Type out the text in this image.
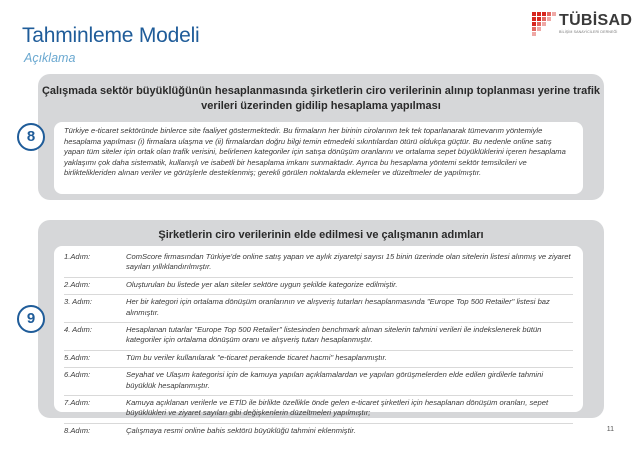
Tahminleme Modeli
Açıklama
TÜBİSAD
BİLİŞİM SANAYİCİLERİ DERNEĞİ
Çalışmada sektör büyüklüğünün hesaplanmasında şirketlerin ciro verilerinin alınıp toplanması yerine trafik verileri üzerinden gidilip hesaplama yapılması
Türkiye e-ticaret sektöründe binlerce site faaliyet göstermektedir. Bu firmaların her birinin cirolarının tek tek toparlanarak tümevarım yöntemiyle hesaplama yapılması (i) firmalara ulaşma ve (ii) firmalardan doğru bilgi temin etmedeki sıkıntılardan ötürü oldukça güçtür. Bu nedenle online satış yapan tüm siteler için ortak olan trafik verisini, belirlenen kategoriler için satışa dönüşüm oranlarını ve ortalama sepet büyüklüklerini içeren hesaplama yaklaşımı çok daha sistematik, kullanışlı ve isabetli bir hesaplama imkanı sunmaktadır. Ayrıca bu hesaplama yöntemi sektör temsilcileri ve birliktelikleriden alınan veriler ve görüşlerle desteklenmiş; gerekli görülen noktalarda eklemeler ve düzeltmeler de yapılmıştır.
8
Şirketlerin ciro verilerinin elde edilmesi ve çalışmanın adımları
1.Adım:	ComScore firmasından Türkiye'de online satış yapan ve aylık ziyaretçi sayısı 15 binin üzerinde olan sitelerin listesi alınmış ve ziyaret sayıları yıllıklandırılmıştır.
2.Adım:	Oluşturulan bu listede yer alan siteler sektöre uygun şekilde kategorize edilmiştir.
3. Adım:	Her bir kategori için ortalama dönüşüm oranlarının ve alışveriş tutarları hesaplanmasında "Europe Top 500 Retailer" listesi baz alınmıştır.
4. Adım:	Hesaplanan tutarlar "Europe Top 500 Retailer" listesinden benchmark alınan sitelerin tahmini verileri ile indekslenerek bütün kategoriler için ortalama dönüşüm oranı ve alışveriş tutarı hesaplanmıştır.
5.Adım:	Tüm bu veriler kullanılarak "e-ticaret perakende ticaret hacmi" hesaplanmıştır.
6.Adım:	Seyahat ve Ulaşım kategorisi için de kamuya yapılan açıklamalardan ve yapılan görüşmelerden elde edilen girdilerle tahmini büyüklük hesaplanmıştır.
7.Adım:	Kamuya açıklanan verilerle ve ETİD ile birlikte özellikle önde gelen e-ticaret şirketleri için hesaplanan dönüşüm oranları, sepet büyüklükleri ve ziyaret sayıları gibi değişkenlerin düzeltmeleri yapılmıştır;
8.Adım:	Çalışmaya resmi online bahis sektörü büyüklüğü tahmini eklenmiştir.
9
11
